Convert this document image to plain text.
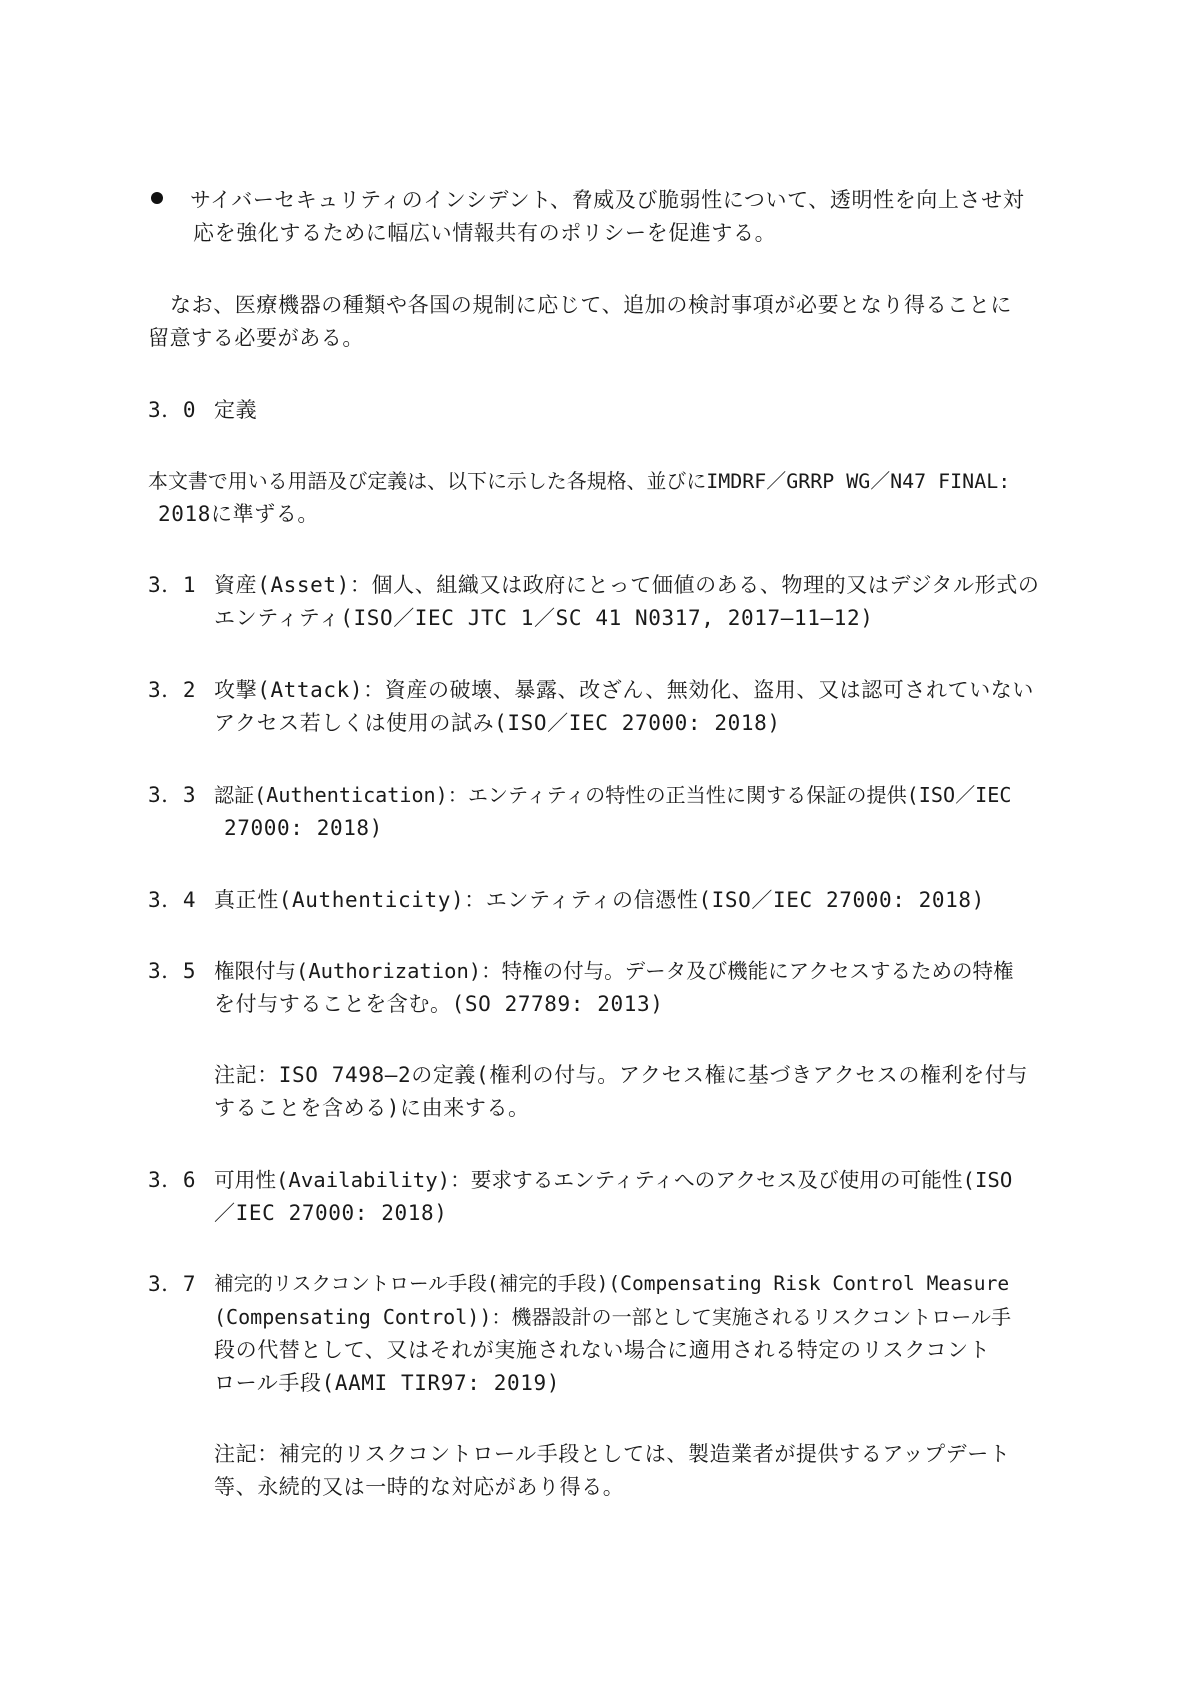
サイバーセキュリティのインシデント、脅威及び脆弱性について、透明性を向上させ対
応を強化するために幅広い情報共有のポリシーを促進する。
なお、医療機器の種類や各国の規制に応じて、追加の検討事項が必要となり得ることに
留意する必要がある。
3．0 定義
本文書で用いる用語及び定義は、以下に示した各規格、並びにIMDRF／GRRP WG／N47 FINAL:
2018に準ずる。
3．1 資産(Asset)：個人、組織又は政府にとって価値のある、物理的又はデジタル形式の
エンティティ(ISO／IEC JTC 1／SC 41 N0317, 2017―11―12)
3．2 攻撃(Attack)：資産の破壊、暴露、改ざん、無効化、盗用、又は認可されていない
アクセス若しくは使用の試み(ISO／IEC 27000: 2018)
3．3 認証(Authentication)：エンティティの特性の正当性に関する保証の提供(ISO／IEC
27000: 2018)
3．4 真正性(Authenticity)：エンティティの信憑性(ISO／IEC 27000: 2018)
3．5 権限付与(Authorization)：特権の付与。データ及び機能にアクセスするための特権
を付与することを含む。(SO 27789: 2013)
注記：ISO 7498―2の定義(権利の付与。アクセス権に基づきアクセスの権利を付与
することを含める)に由来する。
3．6 可用性(Availability)：要求するエンティティへのアクセス及び使用の可能性(ISO
／IEC 27000: 2018)
3．7 補完的リスクコントロール手段(補完的手段)(Compensating Risk Control Measure
(Compensating Control))：機器設計の一部として実施されるリスクコントロール手
段の代替として、又はそれが実施されない場合に適用される特定のリスクコント
ロール手段(AAMI TIR97: 2019)
注記：補完的リスクコントロール手段としては、製造業者が提供するアップデート
等、永続的又は一時的な対応があり得る。
